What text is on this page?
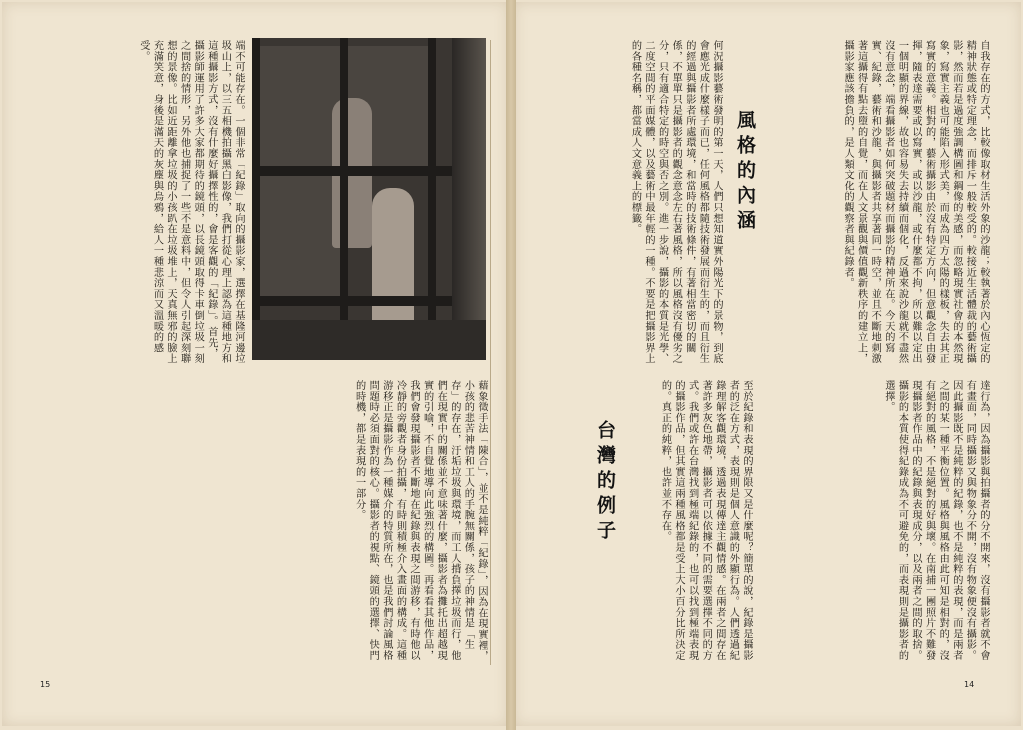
端不可能存在。一個非常「紀錄」取向的攝影家，選擇在基隆河邊垃圾山上，以三五相機拍攝黑白影像，我們打從心理上認為這種地方和這種攝影方式，沒有什麼好攝擇性的，會是客觀的「紀錄」。首先，攝影師運用了許多大家都期待的鏡頭，以長鏡頭取得卡車倒垃圾一刻之間捨的情形，另外他也捕捉了一些不是意料中，但令人引起深刻聯想的景像。比如近距離拿垃圾的小孩趴在垃圾堆上，天真無邪的臉上充滿笑意，身後是滿天的灰塵與烏鴉，給人一種悲涼而又溫暖的感受。
藉象徵手法「陳合」，並不是純粹「紀錄」，因為在現實裡，小孩的悲苦神情和工人的手腕無關係，孩子的神情是「生存」的存在，汙垢垃圾與環境，而工人揹負擇垃圾而行，他們在現實中的關係並不意味著什麼，攝影者為攤托出超越現實的引喻，不自覺地導向此強烈的構圖。再看看其他作品，我們會發現攝影者不斷地在紀錄與表現之間游移，有時他以冷靜的旁觀者身份拍攝，有時則積極介入畫面的構成。這種游移正是攝影作為一種媒介的特質所在，也是我們討論風格問題時必須面對的核心。攝影者的視點、鏡頭的選擇、快門的時機，都是表現的一部分。
自我存在的方式，比較像取材生活外象的沙龍；較執著於內心恆定的精神狀態或特定理念，而排斥一般較受的。較接近生活體裁的藝術攝影，然而若是過度強調構圖和鋼像的美感，而忽略現實社會的本然現象，寫實主義也可能陷入形式美，而成為四方太陽的樣板，失去其正寫實的意義。相對的，藝術攝影由於沒有特定方向，但意觀念自由發揮，隨表達需要或以寫實，或以沙龍，或什麼都不拘，所以難以定出一個明顯的界線，故也容易失去持續而個化，反過來說沙龍就不盡然沒有意念，端看攝影者如何突破題材而攝影的精神所在。今天的寫實、紀錄，藝術和沙龍，與攝影者共享著同一時空，並且不斷地刺激著這攝得有點去墮的自覺，而在人文景觀與價值觀新秩序的建立上，攝影家應該擔負的，是人類文化的觀察者與紀錄者。
風格的內涵
何況攝影藝術發明的第一天，人們只想知道實外陽光下的景物，到底會應光成什麼樣子而已，任何風格都隨技術發展而衍生的，而且衍生的經過與攝影者所處環境，和當時的技術條件，有著相當密切的關係，不單單只是攝影者的觀念意念左右著風格，所以風格沒有優劣之分，只有適合特定的時空與否之別。進一步說，攝影的本質是光學、二度空間的平面媒體，以及藝術中最年輕的一種。不要是把攝影界上的各種名稱，都當成人文意義上的標籤。
達行為，因為攝影與拍攝者的分不開來，沒有攝影者就不會有畫面，同時攝影又與物象分不開，沒有物象便沒有攝影。因此攝影既不是純粹的紀錄，也不是純粹的表現，而是兩者之間的某一種平衡位置。風格與風格由此可知是相對的，沒有絕對的風格，不是絕對的好與壞。在南捕一團照片不難發現攝影者作品中的紀錄與表現成分，以及兩者之間的取捨。攝影的本質使得紀錄成為不可避免的，而表現則是攝影者的選擇。
台灣的例子	至於紀錄和表現的界限又是什麼呢？簡單的說，紀錄是攝影者的泛在方式，表現則是個人意識的外顯行為。人們透過紀錄理解客觀環境，透過表現傳達主觀情感。在兩者之間存在著許多灰色地帶，攝影者可以依據不同的需要選擇不同的方式。我們或許在台灣找到極端紀錄的，也可以找到極端表現的攝影作品，但其實這兩種風格都是受上大小百分比所決定的。真正的純粹，也許並不存在。
15	14
